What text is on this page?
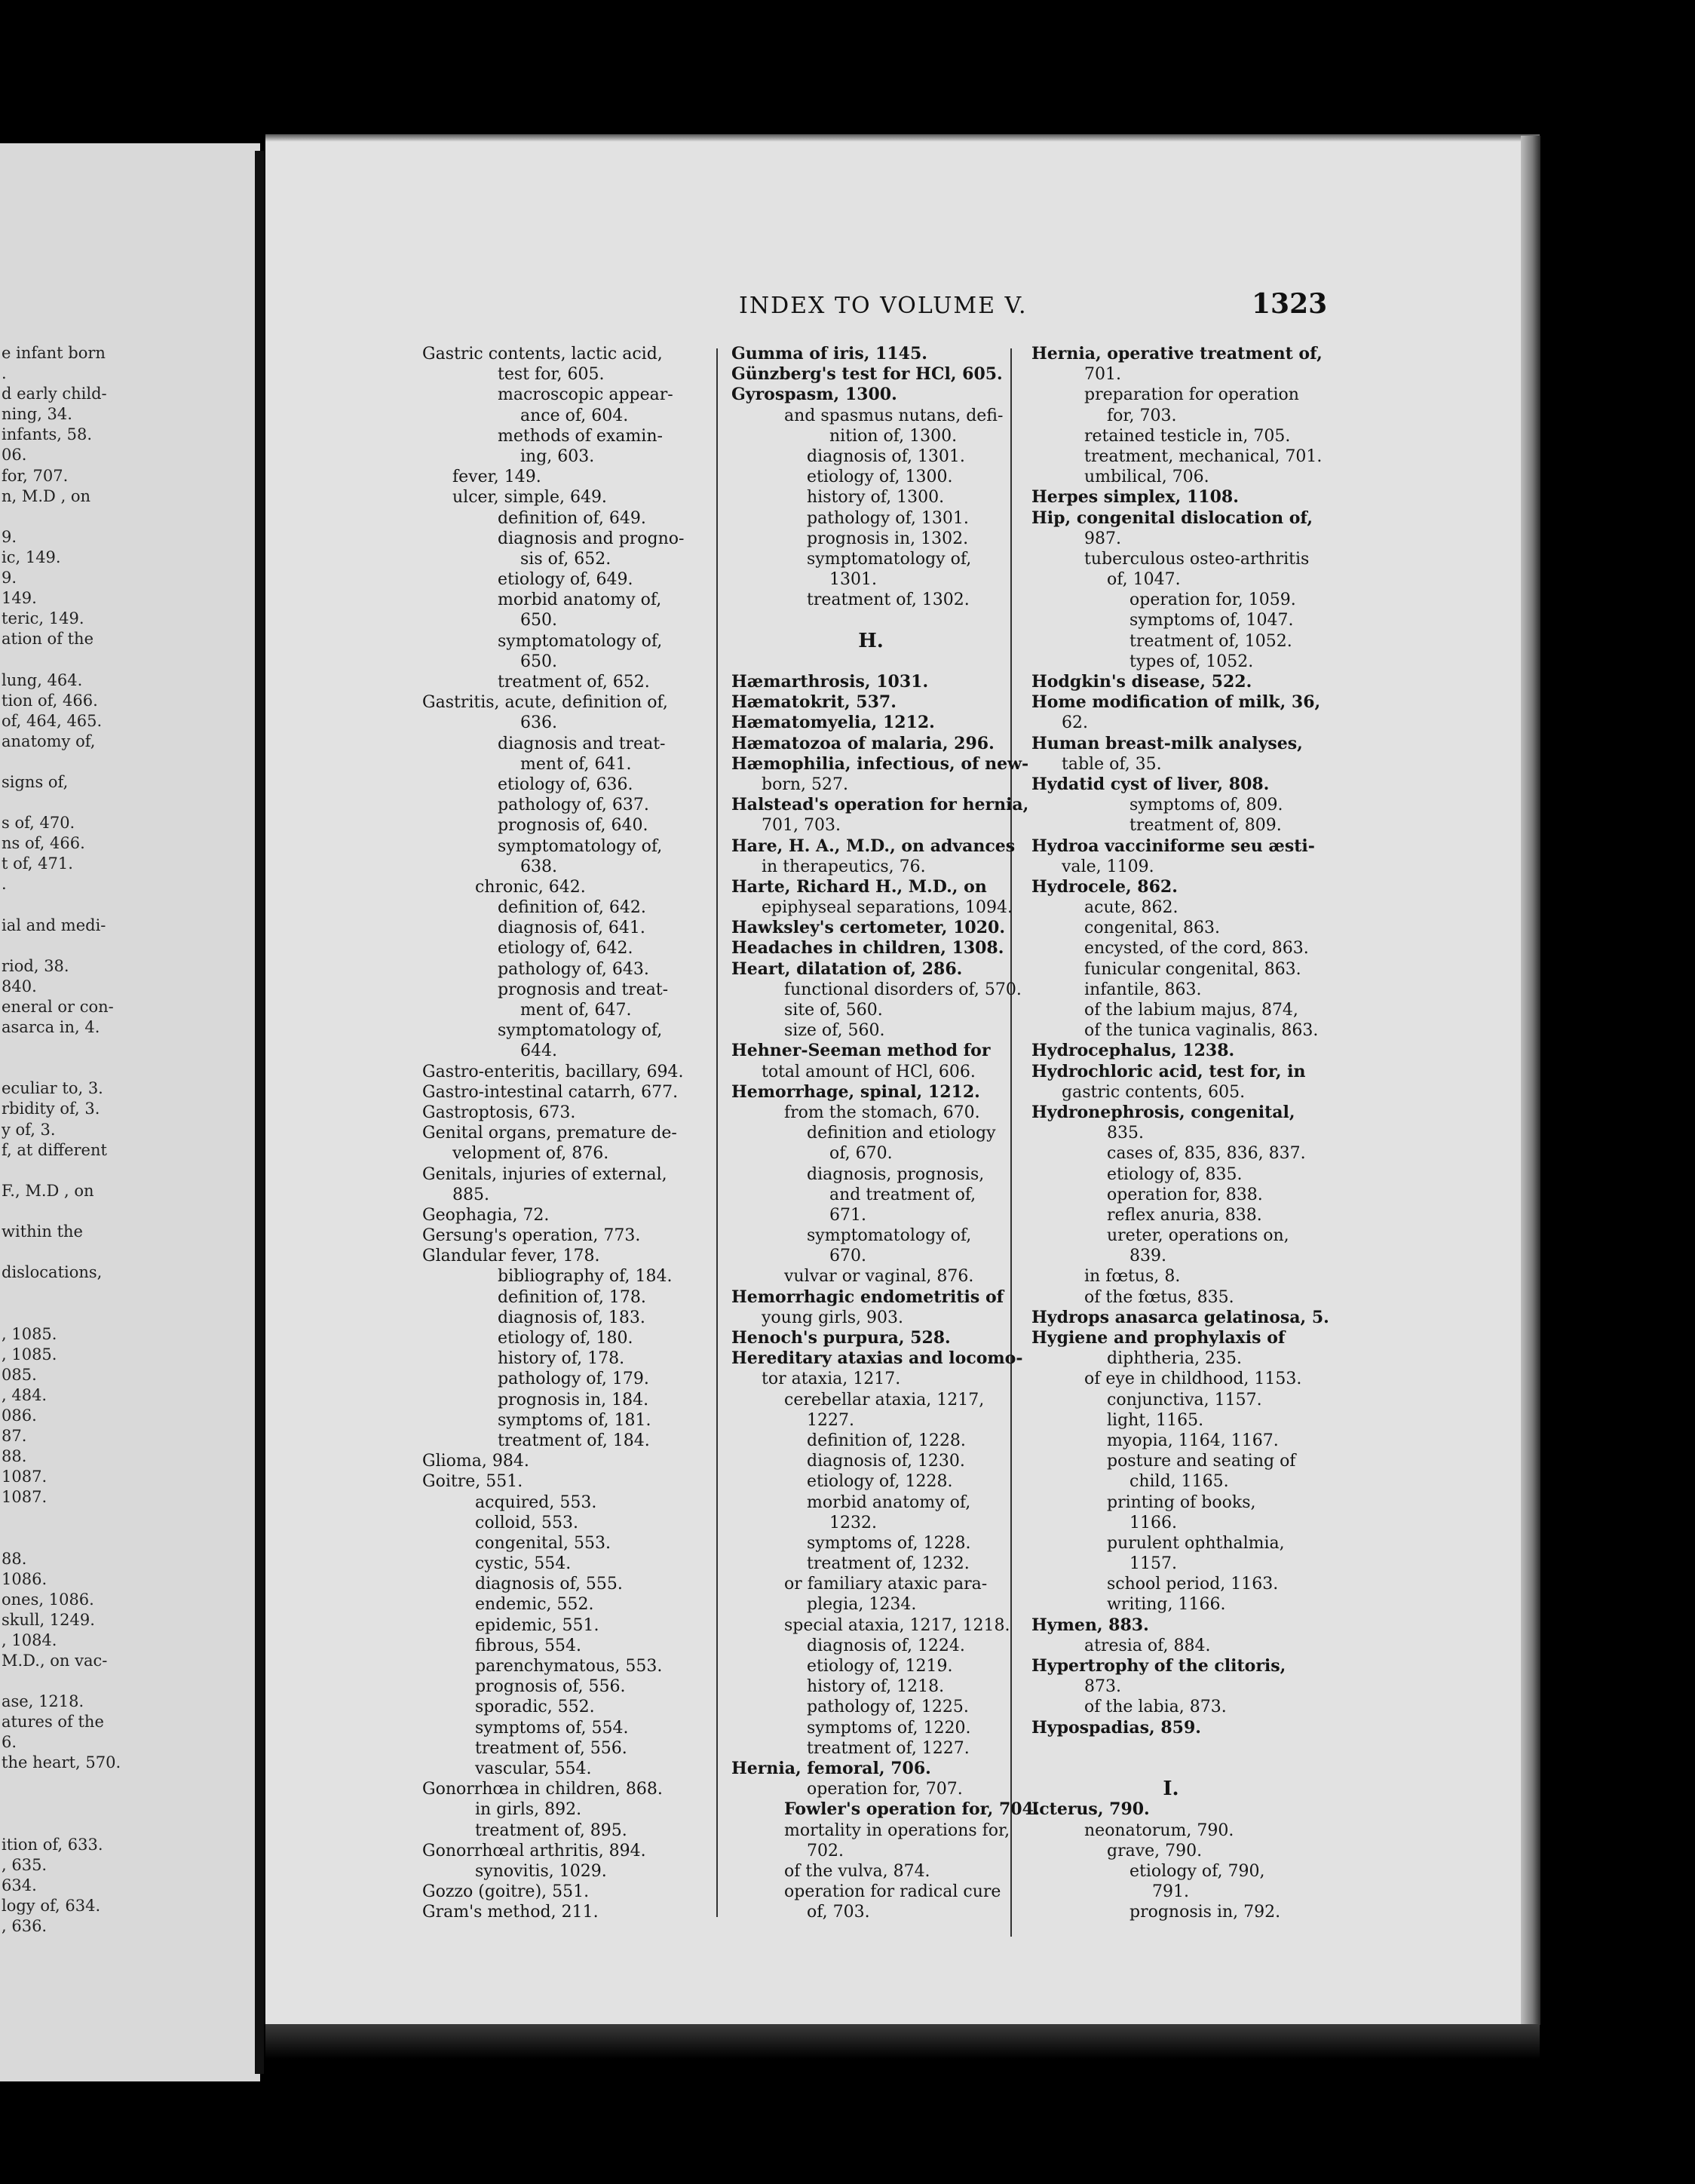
e infant born
.
d early child-
ning, 34.
infants, 58.
06.
for, 707.
n, M.D , on
9.
ic, 149.
9.
149.
teric, 149.
ation of the
lung, 464.
tion of, 466.
of, 464, 465.
anatomy of,
signs of,
s of, 470.
ns of, 466.
t of, 471.
.
ial and medi-
riod, 38.
840.
eneral or con-
asarca in, 4.
eculiar to, 3.
rbidity of, 3.
y of, 3.
f, at different
F., M.D , on
within the
dislocations,
, 1085.
, 1085.
085.
, 484.
086.
87.
88.
1087.
1087.
88.
1086.
ones, 1086.
skull, 1249.
, 1084.
M.D., on vac-
ase, 1218.
atures of the
6.
the heart, 570.
ition of, 633.
, 635.
634.
logy of, 634.
, 636.
INDEX TO VOLUME V.	1323
Gastric contents, lactic acid,
test for, 605.
macroscopic appear-
ance of, 604.
methods of examin-
ing, 603.
fever, 149.
ulcer, simple, 649.
definition of, 649.
diagnosis and progno-
sis of, 652.
etiology of, 649.
morbid anatomy of,
650.
symptomatology of,
650.
treatment of, 652.
Gastritis, acute, definition of,
636.
diagnosis and treat-
ment of, 641.
etiology of, 636.
pathology of, 637.
prognosis of, 640.
symptomatology of,
638.
chronic, 642.
definition of, 642.
diagnosis of, 641.
etiology of, 642.
pathology of, 643.
prognosis and treat-
ment of, 647.
symptomatology of,
644.
Gastro-enteritis, bacillary, 694.
Gastro-intestinal catarrh, 677.
Gastroptosis, 673.
Genital organs, premature de-
velopment of, 876.
Genitals, injuries of external,
885.
Geophagia, 72.
Gersung's operation, 773.
Glandular fever, 178.
bibliography of, 184.
definition of, 178.
diagnosis of, 183.
etiology of, 180.
history of, 178.
pathology of, 179.
prognosis in, 184.
symptoms of, 181.
treatment of, 184.
Glioma, 984.
Goitre, 551.
acquired, 553.
colloid, 553.
congenital, 553.
cystic, 554.
diagnosis of, 555.
endemic, 552.
epidemic, 551.
fibrous, 554.
parenchymatous, 553.
prognosis of, 556.
sporadic, 552.
symptoms of, 554.
treatment of, 556.
vascular, 554.
Gonorrhœa in children, 868.
in girls, 892.
treatment of, 895.
Gonorrhœal arthritis, 894.
synovitis, 1029.
Gozzo (goitre), 551.
Gram's method, 211.
Gumma of iris, 1145.
Günzberg's test for HCl, 605.
Gyrospasm, 1300.
and spasmus nutans, defi-
nition of, 1300.
diagnosis of, 1301.
etiology of, 1300.
history of, 1300.
pathology of, 1301.
prognosis in, 1302.
symptomatology of,
1301.
treatment of, 1302.
H.
Hæmarthrosis, 1031.
Hæmatokrit, 537.
Hæmatomyelia, 1212.
Hæmatozoa of malaria, 296.
Hæmophilia, infectious, of new-
born, 527.
Halstead's operation for hernia,
701, 703.
Hare, H. A., M.D., on advances
in therapeutics, 76.
Harte, Richard H., M.D., on
epiphyseal separations, 1094.
Hawksley's certometer, 1020.
Headaches in children, 1308.
Heart, dilatation of, 286.
functional disorders of, 570.
site of, 560.
size of, 560.
Hehner-Seeman method for
total amount of HCl, 606.
Hemorrhage, spinal, 1212.
from the stomach, 670.
definition and etiology
of, 670.
diagnosis, prognosis,
and treatment of,
671.
symptomatology of,
670.
vulvar or vaginal, 876.
Hemorrhagic endometritis of
young girls, 903.
Henoch's purpura, 528.
Hereditary ataxias and locomo-
tor ataxia, 1217.
cerebellar ataxia, 1217,
1227.
definition of, 1228.
diagnosis of, 1230.
etiology of, 1228.
morbid anatomy of,
1232.
symptoms of, 1228.
treatment of, 1232.
or familiary ataxic para-
plegia, 1234.
special ataxia, 1217, 1218.
diagnosis of, 1224.
etiology of, 1219.
history of, 1218.
pathology of, 1225.
symptoms of, 1220.
treatment of, 1227.
Hernia, femoral, 706.
operation for, 707.
Fowler's operation for, 704.
mortality in operations for,
702.
of the vulva, 874.
operation for radical cure
of, 703.
Hernia, operative treatment of,
701.
preparation for operation
for, 703.
retained testicle in, 705.
treatment, mechanical, 701.
umbilical, 706.
Herpes simplex, 1108.
Hip, congenital dislocation of,
987.
tuberculous osteo-arthritis
of, 1047.
operation for, 1059.
symptoms of, 1047.
treatment of, 1052.
types of, 1052.
Hodgkin's disease, 522.
Home modification of milk, 36,
62.
Human breast-milk analyses,
table of, 35.
Hydatid cyst of liver, 808.
symptoms of, 809.
treatment of, 809.
Hydroa vacciniforme seu æsti-
vale, 1109.
Hydrocele, 862.
acute, 862.
congenital, 863.
encysted, of the cord, 863.
funicular congenital, 863.
infantile, 863.
of the labium majus, 874,
of the tunica vaginalis, 863.
Hydrocephalus, 1238.
Hydrochloric acid, test for, in
gastric contents, 605.
Hydronephrosis, congenital,
835.
cases of, 835, 836, 837.
etiology of, 835.
operation for, 838.
reflex anuria, 838.
ureter, operations on,
839.
in fœtus, 8.
of the fœtus, 835.
Hydrops anasarca gelatinosa, 5.
Hygiene and prophylaxis of
diphtheria, 235.
of eye in childhood, 1153.
conjunctiva, 1157.
light, 1165.
myopia, 1164, 1167.
posture and seating of
child, 1165.
printing of books,
1166.
purulent ophthalmia,
1157.
school period, 1163.
writing, 1166.
Hymen, 883.
atresia of, 884.
Hypertrophy of the clitoris,
873.
of the labia, 873.
Hypospadias, 859.
I.
Icterus, 790.
neonatorum, 790.
grave, 790.
etiology of, 790,
791.
prognosis in, 792.
